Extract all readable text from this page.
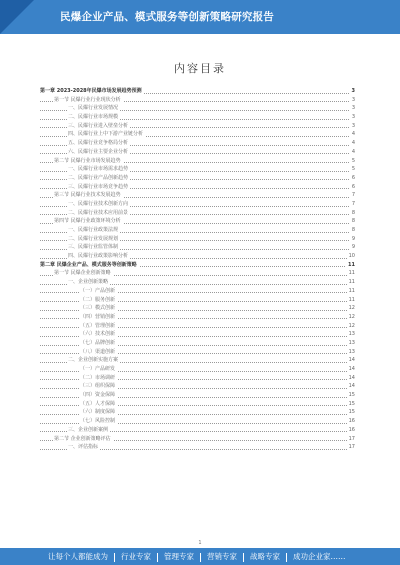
民爆企业产品、模式服务等创新策略研究报告
内容目录
第一章 2023-2028年民爆市场发展趋势预测	3
第一节 民爆行业行业现状分析	3
一、民爆行业发展情况	3
二、民爆行业市场规模	3
三、民爆行业进入壁垒分析	3
四、民爆行业上中下游产业链分析	4
五、民爆行业竞争格局分析	4
六、民爆行业主要企业分析	4
第二节 民爆行业市场发展趋势	5
一、民爆行业市场需求趋势	5
二、民爆行业产品创新趋势	6
三、民爆行业市场竞争趋势	6
第三节 民爆行业技术发展趋势	7
一、民爆行业技术创新方向	7
二、民爆行业技术应用前景	8
第四节 民爆行业政策环境分析	8
一、民爆行业政策法规	8
二、民爆行业发展规划	9
三、民爆行业监管体制	9
四、民爆行业政策影响分析	10
第二章 民爆企业产品、模式服务等创新策略	11
第一节 民爆企业创新策略	11
一、企业创新策略	11
（一）产品创新	11
（二）服务创新	11
（三）模式创新	12
（四）营销创新	12
（五）管理创新	12
（六）技术创新	13
（七）品牌创新	13
（八）渠道创新	13
二、企业创新实施方案	14
（一）产品研发	14
（二）市场调研	14
（三）组织保障	14
（四）资金保障	15
（五）人才保障	15
（六）制度保障	15
（七）风险控制	16
三、企业创新案例	16
第二节 企业创新策略评估	17
一、评估指标	17
1
让每个人都能成为 行业专家 管理专家 营销专家 战略专家 成功企业家……
